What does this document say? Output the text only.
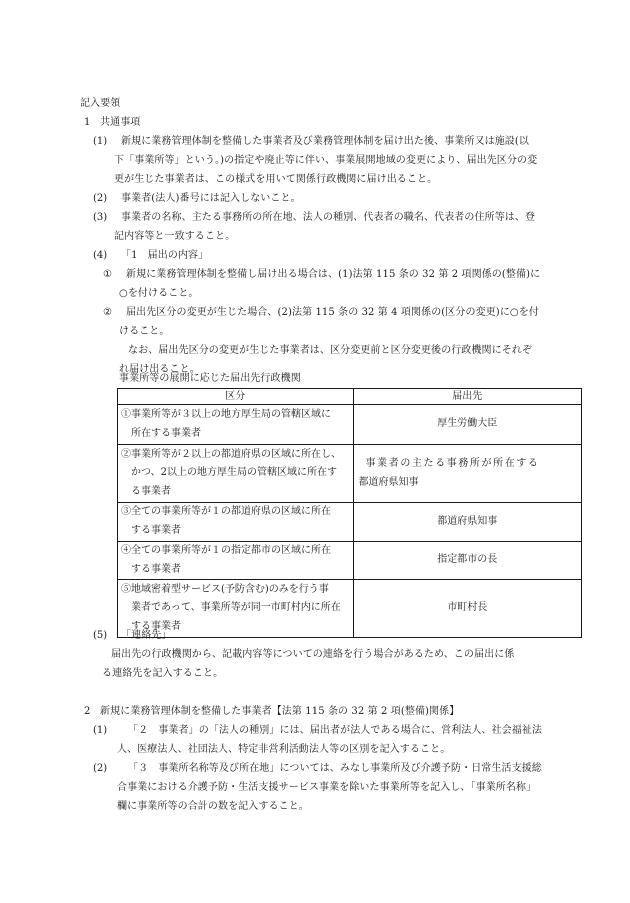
記入要領
1 共通事項
(1) 新規に業務管理体制を整備した事業者及び業務管理体制を届け出た後、事業所又は施設(以
下「事業所等」という。)の指定や廃止等に伴い、事業展開地域の変更により、届出先区分の変
更が生じた事業者は、この様式を用いて関係行政機関に届け出ること。
(2) 事業者(法人)番号には記入しないこと。
(3) 事業者の名称、主たる事務所の所在地、法人の種別、代表者の職名、代表者の住所等は、登
記内容等と一致すること。
(4) 「1　届出の内容」
① 新規に業務管理体制を整備し届け出る場合は、(1)法第 115 条の 32 第 2 項関係の(整備)に
○を付けること。
② 届出先区分の変更が生じた場合、(2)法第 115 条の 32 第 4 項関係の(区分の変更)に○を付
けること。
なお、届出先区分の変更が生じた事業者は、区分変更前と区分変更後の行政機関にそれぞ
れ届け出ること。
事業所等の展開に応じた届出先行政機関
区分	届出先

①事業所等が３以上の地方厚生局の管轄区域に
所在する事業者	厚生労働大臣

②事業所等が２以上の都道府県の区域に所在し、
かつ、2以上の地方厚生局の管轄区域に所在す
る事業者	事業者の主たる事務所が所在する
都道府県知事

③全ての事業所等が１の都道府県の区域に所在
する事業者	都道府県知事

④全ての事業所等が１の指定都市の区域に所在
する事業者	指定都市の長

⑤地域密着型サービス(予防含む)のみを行う事
業者であって、事業所等が同一市町村内に所在
する事業者	市町村長
(5) 「連絡先」
届出先の行政機関から、記載内容等についての連絡を行う場合があるため、この届出に係
る連絡先を記入すること。
2 新規に業務管理体制を整備した事業者【法第 115 条の 32 第 2 項(整備)関係】
(1) 「２　事業者」の「法人の種別」には、届出者が法人である場合に、営利法人、社会福祉法
人、医療法人、社団法人、特定非営利活動法人等の区別を記入すること。
(2) 「３　事業所名称等及び所在地」については、みなし事業所及び介護予防・日常生活支援総
合事業における介護予防・生活支援サービス事業を除いた事業所等を記入し、「事業所名称」
欄に事業所等の合計の数を記入すること。
